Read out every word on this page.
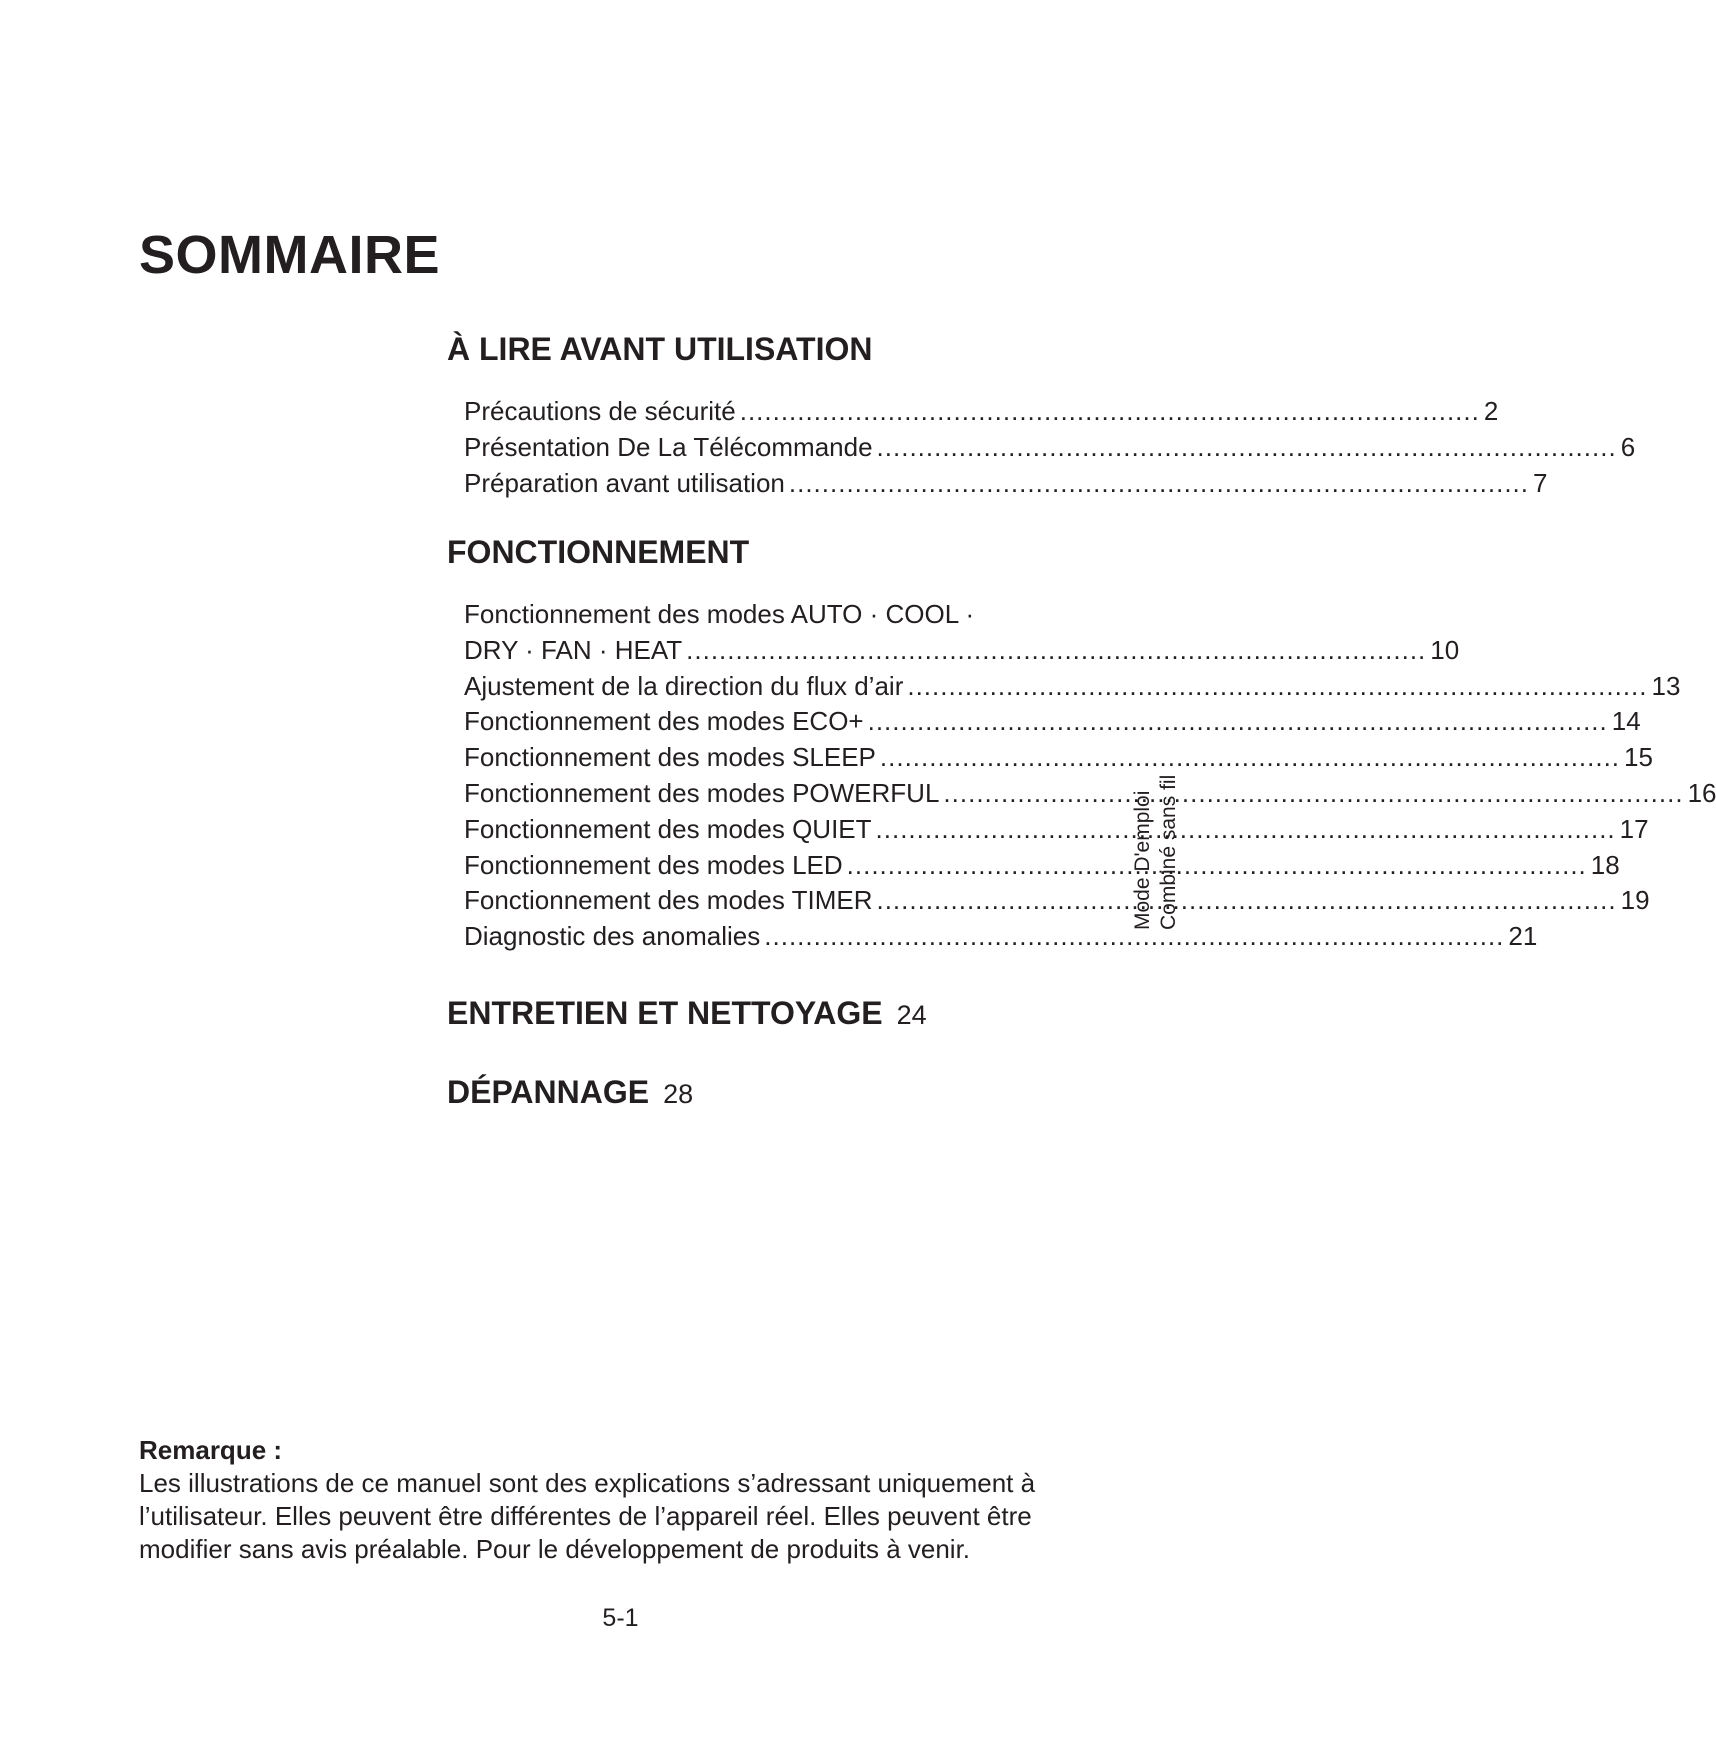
SOMMAIRE
À LIRE AVANT UTILISATION
Précautions de sécurité .......................................................................................... 2
Présentation De La Télécommande .......................................................................................... 6
Préparation avant utilisation .......................................................................................... 7
FONCTIONNEMENT
Fonctionnement des modes AUTO · COOL ·
DRY · FAN · HEAT .......................................................................................... 10
Ajustement de la direction du flux d’air .......................................................................................... 13
Fonctionnement des modes ECO+ .......................................................................................... 14
Fonctionnement des modes SLEEP .......................................................................................... 15
Fonctionnement des modes POWERFUL .......................................................................................... 16
Fonctionnement des modes QUIET .......................................................................................... 17
Fonctionnement des modes LED .......................................................................................... 18
Fonctionnement des modes TIMER .......................................................................................... 19
Diagnostic des anomalies .......................................................................................... 21
ENTRETIEN ET NETTOYAGE 24
DÉPANNAGE 28
Mode D'emploi Combiné sans fil
Remarque :
Les illustrations de ce manuel sont des explications s’adressant uniquement à l’utilisateur. Elles peuvent être différentes de l’appareil réel. Elles peuvent être modifier sans avis préalable. Pour le développement de produits à venir.
5-1
